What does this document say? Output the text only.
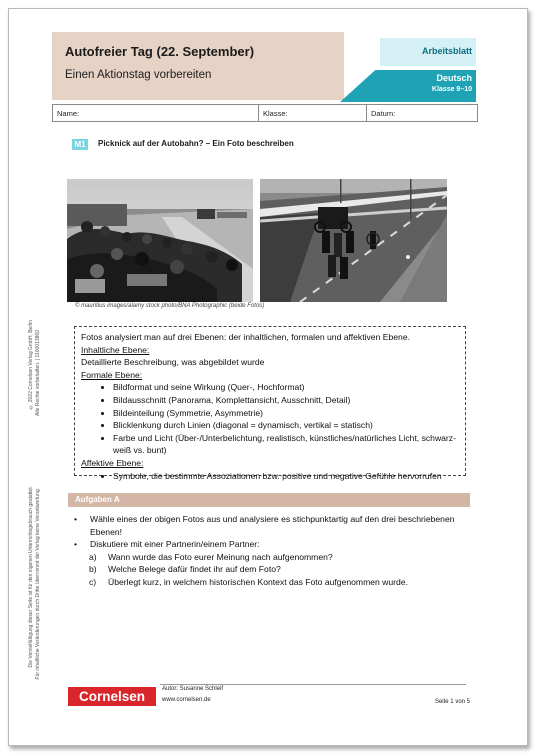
Autofreier Tag (22. September)
Einen Aktionstag vorbereiten
Arbeitsblatt
Deutsch
Klasse 9–10
Name:	Klasse:	Datum:
M1	Picknick auf der Autobahn? – Ein Foto beschreiben
© mauritius images/alamy stock photo/BNA Photographic (beide Fotos)
© 2022 Cornelsen Verlag GmbH, Berlin Alle Rechte vorbehalten. | 1100013860
Die Vervielfältigung dieser Seite ist für den eigenen Unterrichtsgebrauch gestattet. Für inhaltliche Veränderungen durch Dritte übernimmt der Verlag keine Verantwortung.
Fotos analysiert man auf drei Ebenen: der inhaltlichen, formalen und affektiven Ebene.
Inhaltliche Ebene:
Detaillierte Beschreibung, was abgebildet wurde
Formale Ebene:
• Bildformat und seine Wirkung (Quer-, Hochformat)
• Bildausschnitt (Panorama, Komplettansicht, Ausschnitt, Detail)
• Bildeinteilung (Symmetrie, Asymmetrie)
• Blicklenkung durch Linien (diagonal = dynamisch, vertikal = statisch)
• Farbe und Licht (Über-/Unterbelichtung, realistisch, künstliches/natürliches Licht, schwarz-weiß vs. bunt)
Affektive Ebene:
• Symbole, die bestimmte Assoziationen bzw. positive und negative Gefühle hervorrufen
Aufgaben A
• Wähle eines der obigen Fotos aus und analysiere es stichpunktartig auf den drei beschriebenen Ebenen!
• Diskutiere mit einer Partnerin/einem Partner:
a) Wann wurde das Foto eurer Meinung nach aufgenommen?
b) Welche Belege dafür findet ihr auf dem Foto?
c) Überlegt kurz, in welchem historischen Kontext das Foto aufgenommen wurde.
Cornelsen	Autor: Susanne Schleif
www.cornelsen.de	Seite 1 von 5
